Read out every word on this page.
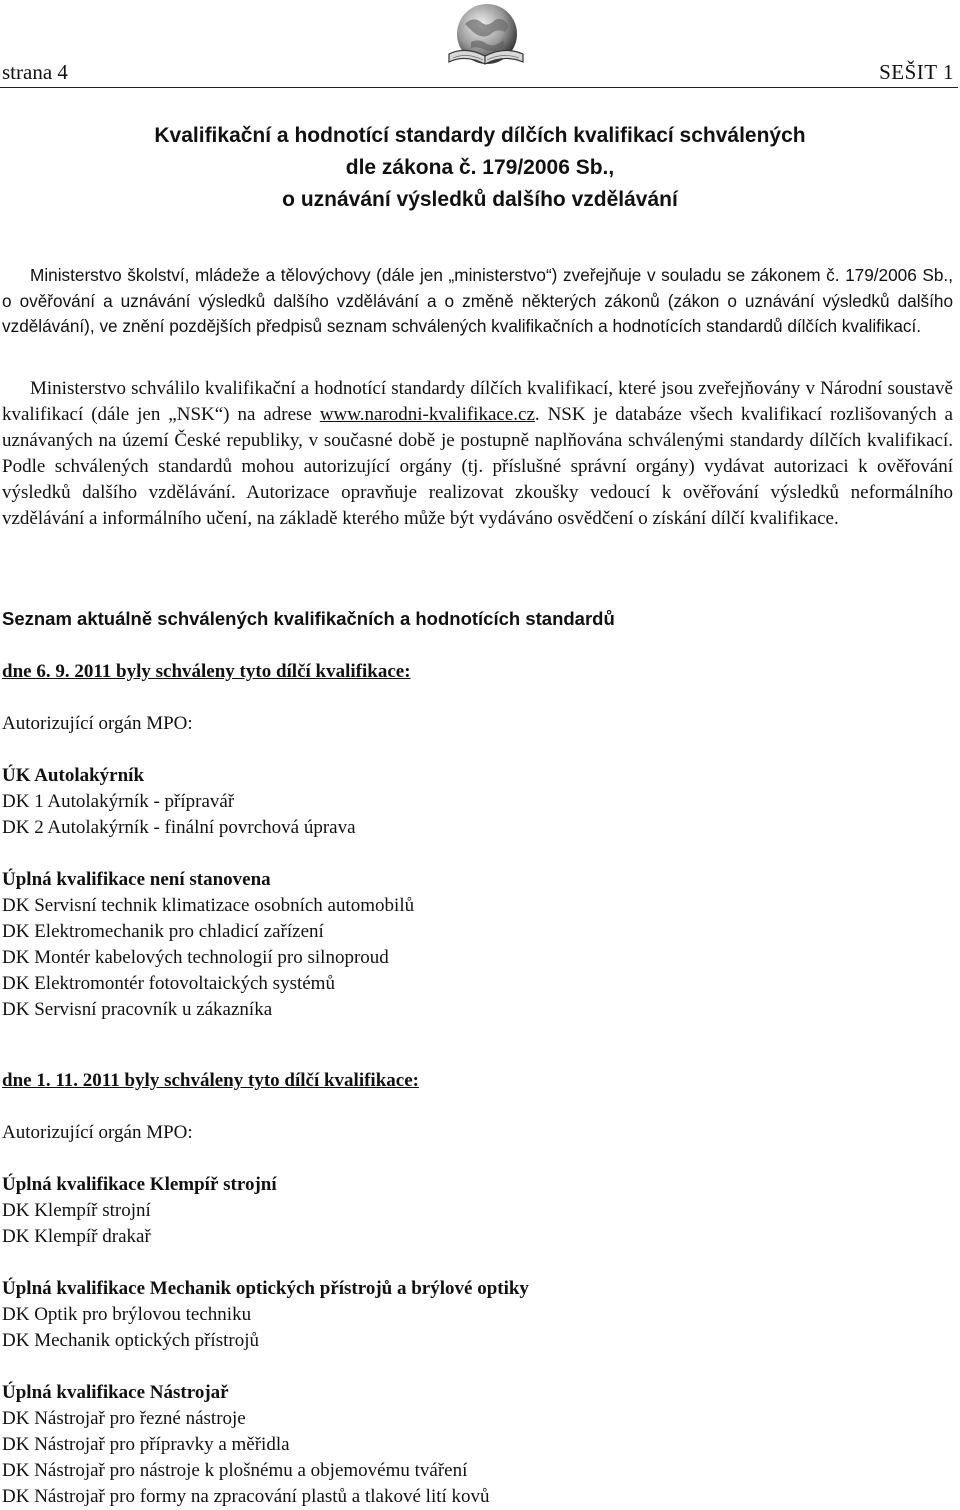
strana 4	SEŠIT 1
Kvalifikační a hodnotící standardy dílčích kvalifikací schválených
dle zákona č. 179/2006 Sb.,
o uznávání výsledků dalšího vzdělávání

Ministerstvo školství, mládeže a tělovýchovy (dále jen „ministerstvo“) zveřejňuje v souladu se zákonem č. 179/2006 Sb., o ověřování a uznávání výsledků dalšího vzdělávání a o změně některých zákonů (zákon o uznávání výsledků dalšího vzdělávání), ve znění pozdějších předpisů seznam schválených kvalifikačních a hodnotících standardů dílčích kvalifikací.

Ministerstvo schválilo kvalifikační a hodnotící standardy dílčích kvalifikací, které jsou zveřejňovány v Národní soustavě kvalifikací (dále jen „NSK“) na adrese www.narodni-kvalifikace.cz. NSK je databáze všech kvalifikací rozlišovaných a uznávaných na území České republiky, v současné době je postupně naplňována schválenými standardy dílčích kvalifikací. Podle schválených standardů mohou autorizující orgány (tj. příslušné správní orgány) vydávat autorizaci k ověřování výsledků dalšího vzdělávání. Autorizace opravňuje realizovat zkoušky vedoucí k ověřování výsledků neformálního vzdělávání a informálního učení, na základě kterého může být vydáváno osvědčení o získání dílčí kvalifikace.

Seznam aktuálně schválených kvalifikačních a hodnotících standardů
dne 6. 9. 2011 byly schváleny tyto dílčí kvalifikace:
Autorizující orgán MPO:
ÚK Autolakýrník
DK 1 Autolakýrník - přípravář
DK 2 Autolakýrník - finální povrchová úprava
Úplná kvalifikace není stanovena
DK Servisní technik klimatizace osobních automobilů
DK Elektromechanik pro chladicí zařízení
DK Montér kabelových technologií pro silnoproud
DK Elektromontér fotovoltaických systémů
DK Servisní pracovník u zákazníka
dne 1. 11. 2011 byly schváleny tyto dílčí kvalifikace:
Autorizující orgán MPO:
Úplná kvalifikace Klempíř strojní
DK Klempíř strojní
DK Klempíř drakař
Úplná kvalifikace Mechanik optických přístrojů a brýlové optiky
DK Optik pro brýlovou techniku
DK Mechanik optických přístrojů
Úplná kvalifikace Nástrojař
DK Nástrojař pro řezné nástroje
DK Nástrojař pro přípravky a měřidla
DK Nástrojař pro nástroje k plošnému a objemovému tváření
DK Nástrojař pro formy na zpracování plastů a tlakové lití kovů
